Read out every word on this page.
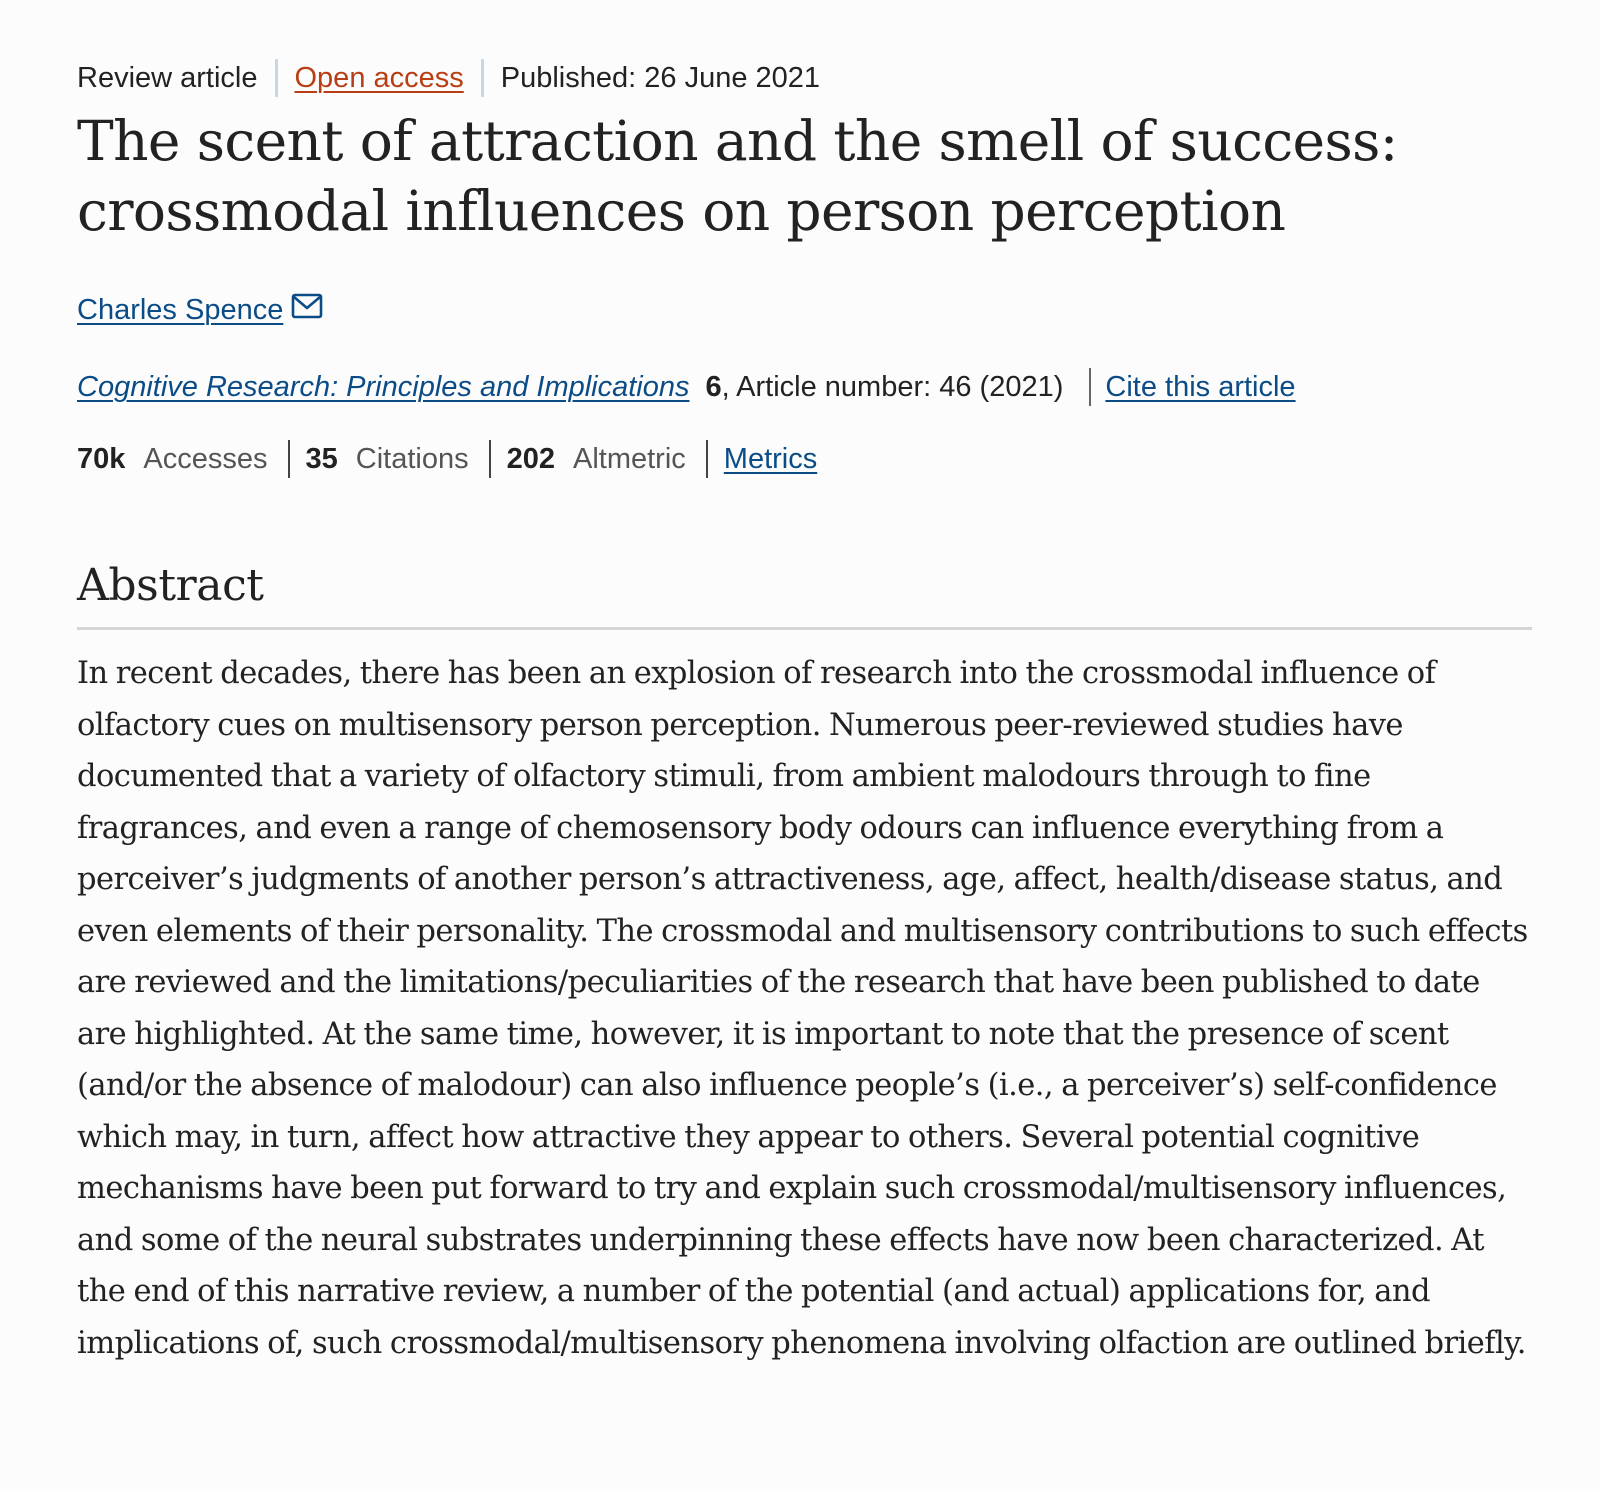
Review article Open access Published: 26 June 2021
The scent of attraction and the smell of success: crossmodal influences on person perception
Charles Spence
Cognitive Research: Principles and Implications 6 , Article number: 46 (2021) Cite this article
70k Accesses 35 Citations 202 Altmetric Metrics
Abstract

In recent decades, there has been an explosion of research into the crossmodal influence of olfactory cues on multisensory person perception. Numerous peer-reviewed studies have documented that a variety of olfactory stimuli, from ambient malodours through to fine fragrances, and even a range of chemosensory body odours can influence everything from a perceiver’s judgments of another person’s attractiveness, age, affect, health/disease status, and even elements of their personality. The crossmodal and multisensory contributions to such effects are reviewed and the limitations/peculiarities of the research that have been published to date are highlighted. At the same time, however, it is important to note that the presence of scent (and/or the absence of malodour) can also influence people’s (i.e., a perceiver’s) self-confidence which may, in turn, affect how attractive they appear to others. Several potential cognitive mechanisms have been put forward to try and explain such crossmodal/multisensory influences, and some of the neural substrates underpinning these effects have now been characterized. At the end of this narrative review, a number of the potential (and actual) applications for, and implications of, such crossmodal/multisensory phenomena involving olfaction are outlined briefly.
